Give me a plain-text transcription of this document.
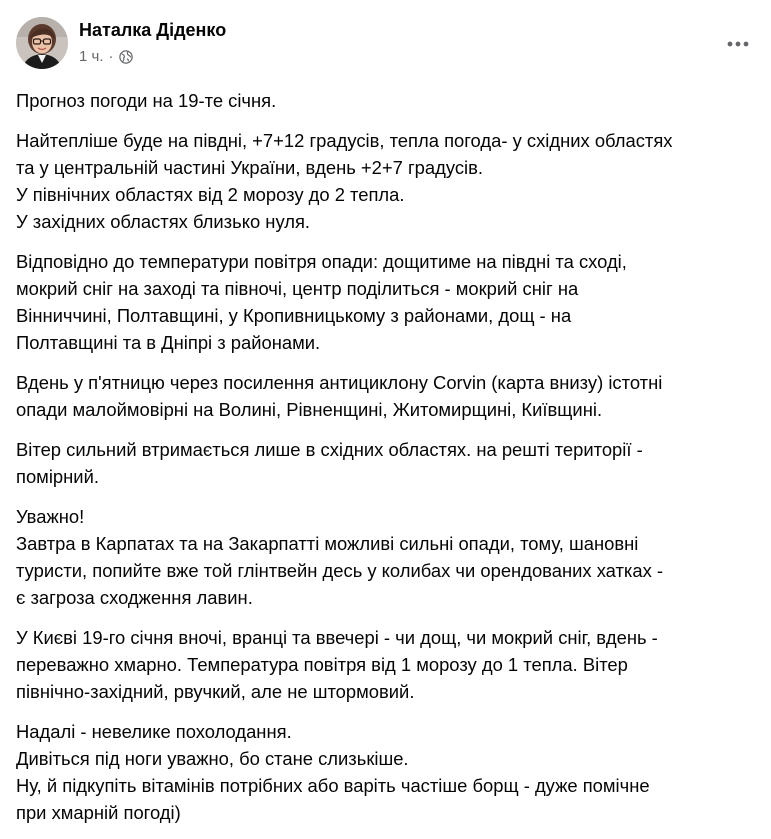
Наталка Діденко
1 ч. ·

Прогноз погоди на 19-те січня.

Найтепліше буде на півдні, +7+12 градусів, тепла погода- у східних областях
та у центральній частині України, вдень +2+7 градусів.
У північних областях від 2 морозу до 2 тепла.
У західних областях близько нуля.

Відповідно до температури повітря опади: дощитиме на півдні та сході,
мокрий сніг на заході та півночі, центр поділиться - мокрий сніг на
Вінниччині, Полтавщині, у Кропивницькому з районами, дощ - на
Полтавщині та в Дніпрі з районами.

Вдень у п'ятницю через посилення антициклону Corvin (карта внизу) істотні
опади малоймовірні на Волині, Рівненщині, Житомирщині, Київщині.

Вітер сильний втримається лише в східних областях. на решті території -
помірний.

Уважно!
Завтра в Карпатах та на Закарпатті можливі сильні опади, тому, шановні
туристи, попийте вже той глінтвейн десь у колибах чи орендованих хатках -
є загроза сходження лавин.

У Києві 19-го січня вночі, вранці та ввечері - чи дощ, чи мокрий сніг, вдень -
переважно хмарно. Температура повітря від 1 морозу до 1 тепла. Вітер
північно-західний, рвучкий, але не штормовий.

Надалі - невелике похолодання.
Дивіться під ноги уважно, бо стане слизькіше.
Ну, й підкупіть вітамінів потрібних або варіть частіше борщ - дуже помічне
при хмарній погоді)
